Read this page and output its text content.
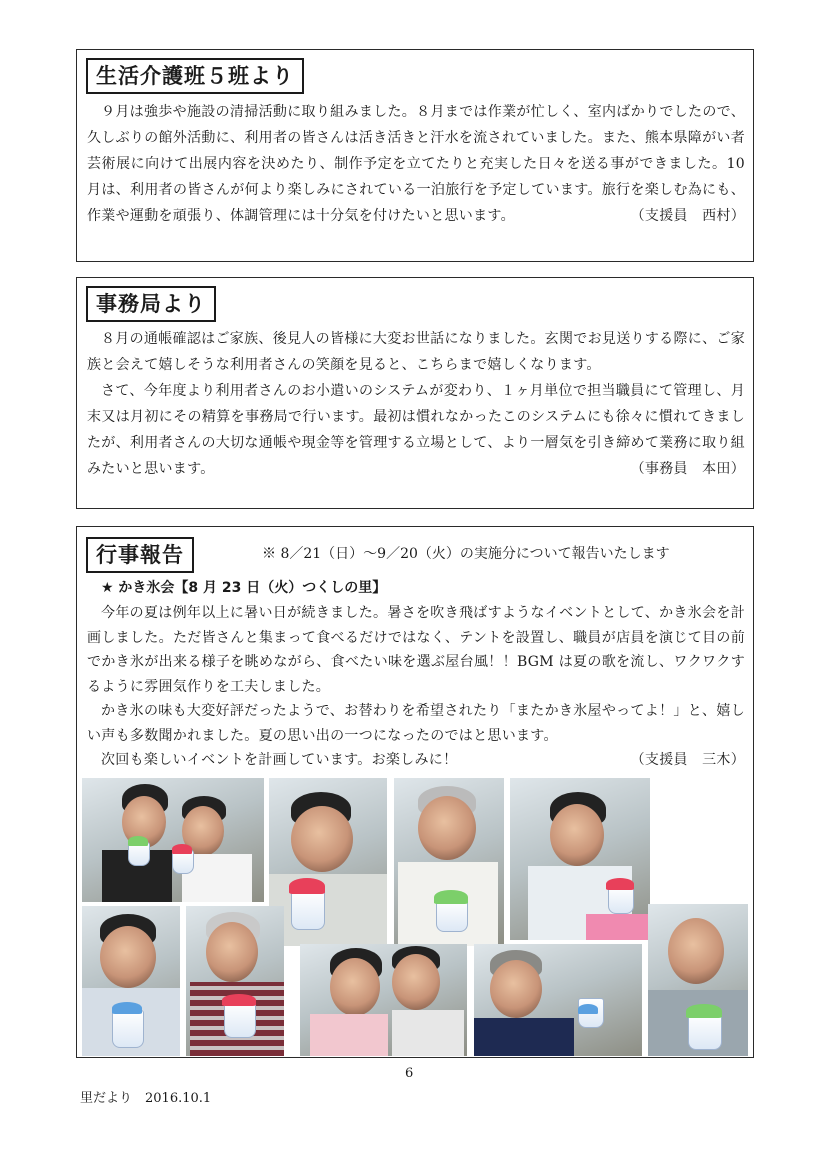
生活介護班５班より

９月は強歩や施設の清掃活動に取り組みました。８月までは作業が忙しく、室内ばかりでしたので、久しぶりの館外活動に、利用者の皆さんは活き活きと汗水を流されていました。また、熊本県障がい者芸術展に向けて出展内容を決めたり、制作予定を立てたりと充実した日々を送る事ができました。10 月は、利用者の皆さんが何より楽しみにされている一泊旅行を予定しています。旅行を楽しむ為にも、作業や運動を頑張り、体調管理には十分気を付けたいと思います。	（支援員　西村）

事務局より

８月の通帳確認はご家族、後見人の皆様に大変お世話になりました。玄関でお見送りする際に、ご家族と会えて嬉しそうな利用者さんの笑顔を見ると、こちらまで嬉しくなります。

さて、今年度より利用者さんのお小遣いのシステムが変わり、１ヶ月単位で担当職員にて管理し、月末又は月初にその精算を事務局で行います。最初は慣れなかったこのシステムにも徐々に慣れてきましたが、利用者さんの大切な通帳や現金等を管理する立場として、より一層気を引き締めて業務に取り組みたいと思います。	（事務員　本田）

行事報告	※ 8／21（日）～9／20（火）の実施分について報告いたします
★ かき氷会【8 月 23 日（火）つくしの里】

今年の夏は例年以上に暑い日が続きました。暑さを吹き飛ばすようなイベントとして、かき氷会を計画しました。ただ皆さんと集まって食べるだけではなく、テントを設置し、職員が店員を演じて目の前でかき氷が出来る様子を眺めながら、食べたい味を選ぶ屋台風！！BGM は夏の歌を流し、ワクワクするように雰囲気作りを工夫しました。

かき氷の味も大変好評だったようで、お替わりを希望されたり「またかき氷屋やってよ！」と、嬉しい声も多数聞かれました。夏の思い出の一つになったのではと思います。

次回も楽しいイベントを計画しています。お楽しみに！	（支援員　三木）

6
里だより　2016.10.1
